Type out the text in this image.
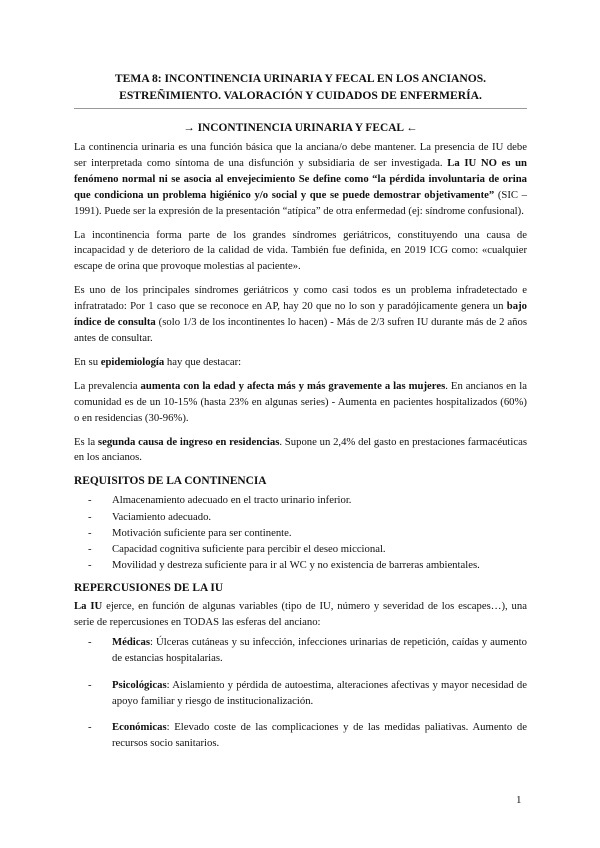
TEMA 8: INCONTINENCIA URINARIA Y FECAL EN LOS ANCIANOS.
ESTREÑIMIENTO. VALORACIÓN Y CUIDADOS DE ENFERMERÍA.
→ INCONTINENCIA URINARIA Y FECAL ←

La continencia urinaria es una función básica que la anciana/o debe mantener. La presencia de IU debe ser interpretada como síntoma de una disfunción y subsidiaria de ser investigada. La IU NO es un fenómeno normal ni se asocia al envejecimiento Se define como “la pérdida involuntaria de orina que condiciona un problema higiénico y/o social y que se puede demostrar objetivamente” (SIC – 1991). Puede ser la expresión de la presentación “atípica” de otra enfermedad (ej: síndrome confusional).

La incontinencia forma parte de los grandes síndromes geriátricos, constituyendo una causa de incapacidad y de deterioro de la calidad de vida. También fue definida, en 2019 ICG como: «cualquier escape de orina que provoque molestias al paciente».

Es uno de los principales síndromes geriátricos y como casi todos es un problema infradetectado e infratratado: Por 1 caso que se reconoce en AP, hay 20 que no lo son y paradójicamente genera un bajo índice de consulta (solo 1/3 de los incontinentes lo hacen) - Más de 2/3 sufren IU durante más de 2 años antes de consultar.

En su epidemiología hay que destacar:

La prevalencia aumenta con la edad y afecta más y más gravemente a las mujeres. En ancianos en la comunidad es de un 10-15% (hasta 23% en algunas series) - Aumenta en pacientes hospitalizados (60%) o en residencias (30-96%).

Es la segunda causa de ingreso en residencias. Supone un 2,4% del gasto en prestaciones farmacéuticas en los ancianos.

REQUISITOS DE LA CONTINENCIA
- Almacenamiento adecuado en el tracto urinario inferior.
- Vaciamiento adecuado.
- Motivación suficiente para ser continente.
- Capacidad cognitiva suficiente para percibir el deseo miccional.
- Movilidad y destreza suficiente para ir al WC y no existencia de barreras ambientales.
REPERCUSIONES DE LA IU

La IU ejerce, en función de algunas variables (tipo de IU, número y severidad de los escapes…), una serie de repercusiones en TODAS las esferas del anciano:

- Médicas: Úlceras cutáneas y su infección, infecciones urinarias de repetición, caídas y aumento de estancias hospitalarias.
- Psicológicas: Aislamiento y pérdida de autoestima, alteraciones afectivas y mayor necesidad de apoyo familiar y riesgo de institucionalización.
- Económicas: Elevado coste de las complicaciones y de las medidas paliativas. Aumento de recursos socio sanitarios.
1
